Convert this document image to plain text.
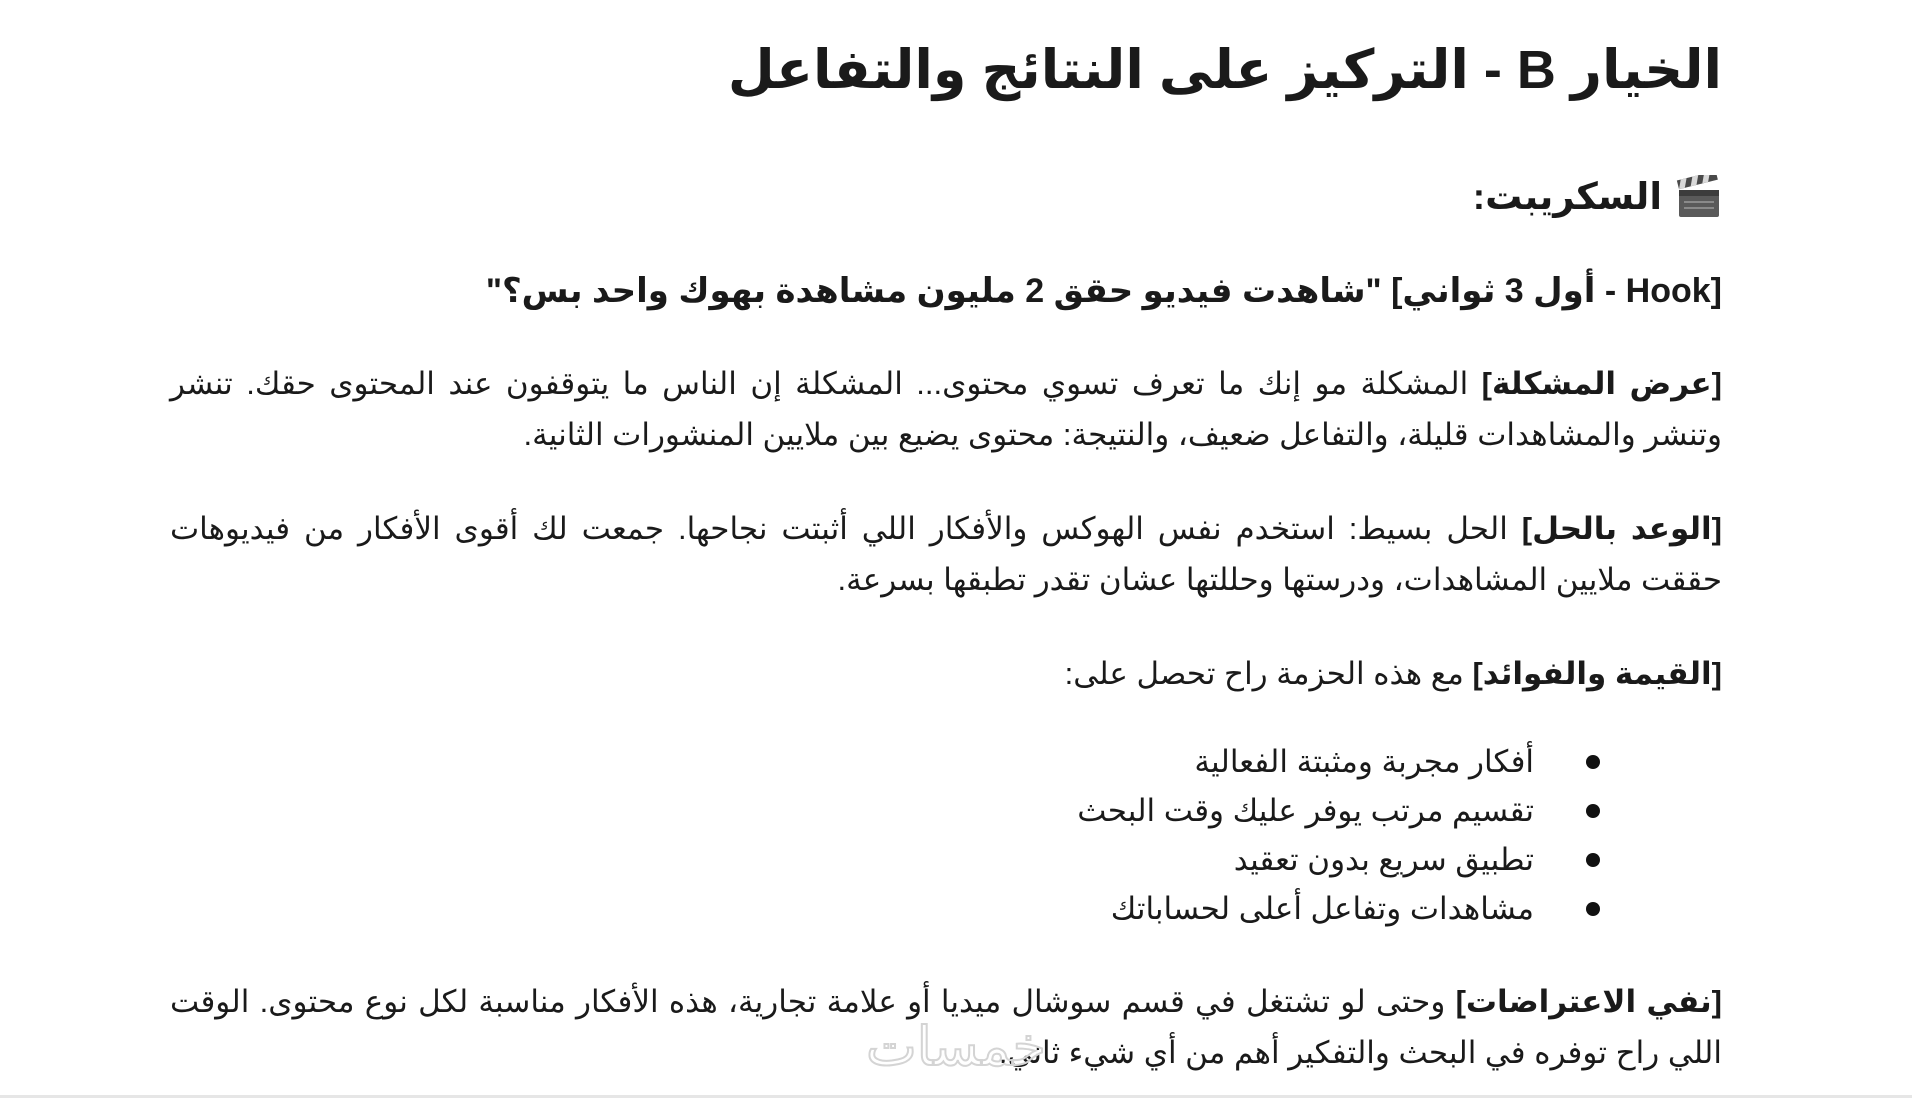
الخيار B - التركيز على النتائج والتفاعل
السكريبت:

[Hook - أول 3 ثواني] "شاهدت فيديو حقق 2 مليون مشاهدة بهوك واحد بس؟"

[عرض المشكلة] المشكلة مو إنك ما تعرف تسوي محتوى... المشكلة إن الناس ما يتوقفون عند المحتوى حقك. تنشر وتنشر والمشاهدات قليلة، والتفاعل ضعيف، والنتيجة: محتوى يضيع بين ملايين المنشورات الثانية.

[الوعد بالحل] الحل بسيط: استخدم نفس الهوكس والأفكار اللي أثبتت نجاحها. جمعت لك أقوى الأفكار من فيديوهات حققت ملايين المشاهدات، ودرستها وحللتها عشان تقدر تطبقها بسرعة.

[القيمة والفوائد] مع هذه الحزمة راح تحصل على:

أفكار مجربة ومثبتة الفعالية
تقسيم مرتب يوفر عليك وقت البحث
تطبيق سريع بدون تعقيد
مشاهدات وتفاعل أعلى لحساباتك

[نفي الاعتراضات] وحتى لو تشتغل في قسم سوشال ميديا أو علامة تجارية، هذه الأفكار مناسبة لكل نوع محتوى. الوقت اللي راح توفره في البحث والتفكير أهم من أي شيء ثاني.

خمسات
